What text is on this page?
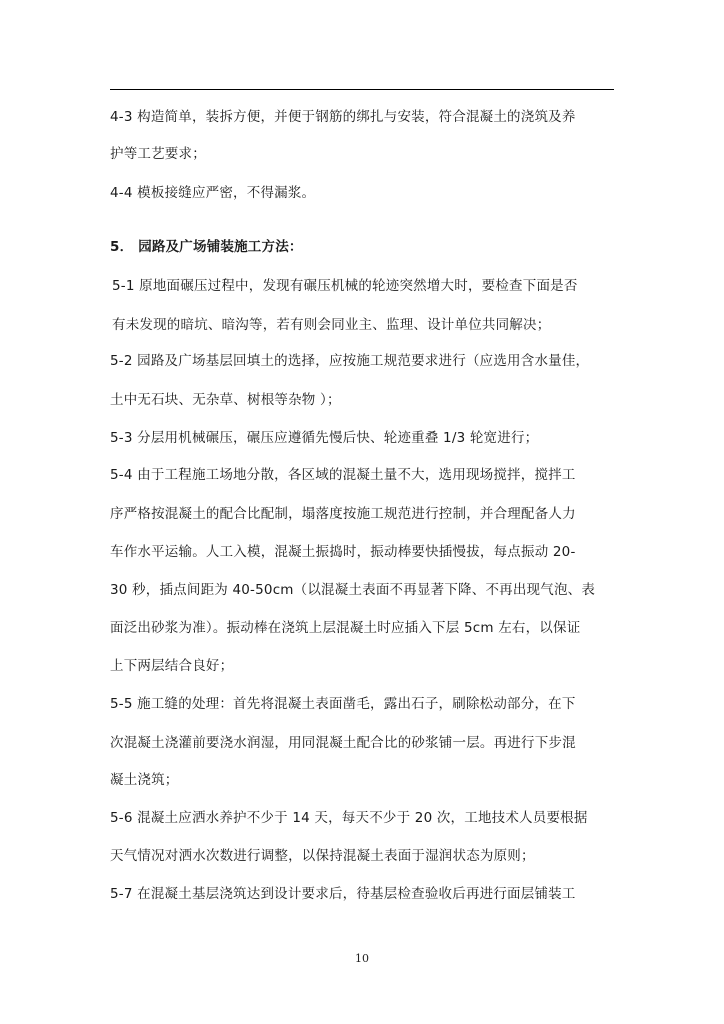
4-3 构造简单，装拆方便，并便于钢筋的绑扎与安装，符合混凝土的浇筑及养
护等工艺要求；
4-4 模板接缝应严密，不得漏浆。
5． 园路及广场铺装施工方法：
5-1 原地面碾压过程中，发现有碾压机械的轮迹突然增大时，要检查下面是否
有未发现的暗坑、暗沟等，若有则会同业主、监理、设计单位共同解决；
5-2 园路及广场基层回填土的选择，应按施工规范要求进行（应选用含水量佳，
土中无石块、无杂草、树根等杂物 ）；
5-3 分层用机械碾压，碾压应遵循先慢后快、轮迹重叠 1/3 轮宽进行；
5-4 由于工程施工场地分散，各区域的混凝土量不大，选用现场搅拌，搅拌工
序严格按混凝土的配合比配制，塌落度按施工规范进行控制，并合理配备人力
车作水平运输。人工入模，混凝土振捣时，振动棒要快插慢拔，每点振动 20-
30 秒，插点间距为 40-50cm（以混凝土表面不再显著下降、不再出现气泡、表
面泛出砂浆为准）。振动棒在浇筑上层混凝土时应插入下层 5cm 左右，以保证
上下两层结合良好；
5-5 施工缝的处理：首先将混凝土表面凿毛，露出石子，刷除松动部分，在下
次混凝土浇灌前要浇水润湿，用同混凝土配合比的砂浆铺一层。再进行下步混
凝土浇筑；
5-6 混凝土应洒水养护不少于 14 天，每天不少于 20 次，工地技术人员要根据
天气情况对洒水次数进行调整，以保持混凝土表面于湿润状态为原则；
5-7 在混凝土基层浇筑达到设计要求后，待基层检查验收后再进行面层铺装工
10
